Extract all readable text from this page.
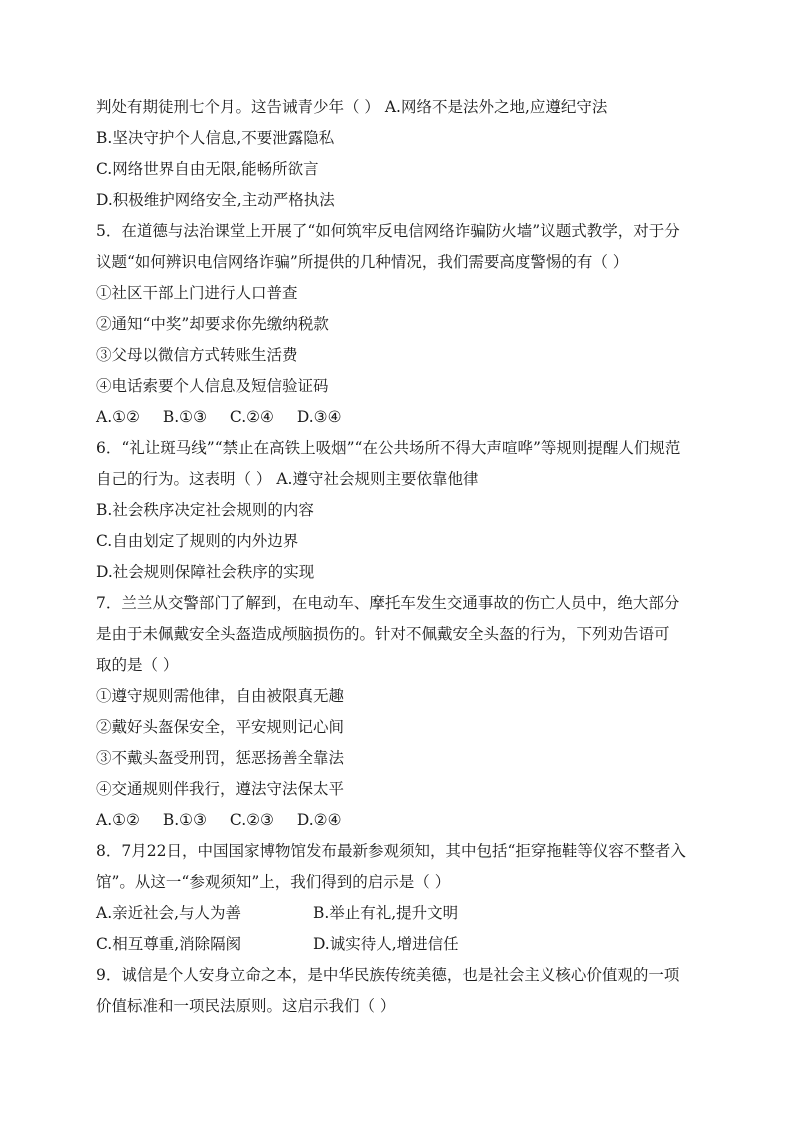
判处有期徒刑七个月。这告诫青少年（ ） A.网络不是法外之地,应遵纪守法
B.坚决守护个人信息,不要泄露隐私
C.网络世界自由无限,能畅所欲言
D.积极维护网络安全,主动严格执法
5．在道德与法治课堂上开展了“如何筑牢反电信网络诈骗防火墙”议题式教学，对于分
议题“如何辨识电信网络诈骗”所提供的几种情况，我们需要高度警惕的有（ ）
①社区干部上门进行人口普查
②通知“中奖”却要求你先缴纳税款
③父母以微信方式转账生活费
④电话索要个人信息及短信验证码
A.①② B.①③ C.②④ D.③④
6．“礼让斑马线”“禁止在高铁上吸烟”“在公共场所不得大声喧哗”等规则提醒人们规范
自己的行为。这表明（ ） A.遵守社会规则主要依靠他律
B.社会秩序决定社会规则的内容
C.自由划定了规则的内外边界
D.社会规则保障社会秩序的实现
7．兰兰从交警部门了解到，在电动车、摩托车发生交通事故的伤亡人员中，绝大部分
是由于未佩戴安全头盔造成颅脑损伤的。针对不佩戴安全头盔的行为，下列劝告语可
取的是（ ）
①遵守规则需他律，自由被限真无趣
②戴好头盔保安全，平安规则记心间
③不戴头盔受刑罚，惩恶扬善全靠法
④交通规则伴我行，遵法守法保太平
A.①② B.①③ C.②③ D.②④
8．7月22日，中国国家博物馆发布最新参观须知，其中包括“拒穿拖鞋等仪容不整者入
馆”。从这一“参观须知”上，我们得到的启示是（ ）
A.亲近社会,与人为善	B.举止有礼,提升文明
C.相互尊重,消除隔阂	D.诚实待人,增进信任
9．诚信是个人安身立命之本，是中华民族传统美德，也是社会主义核心价值观的一项
价值标准和一项民法原则。这启示我们（ ）
